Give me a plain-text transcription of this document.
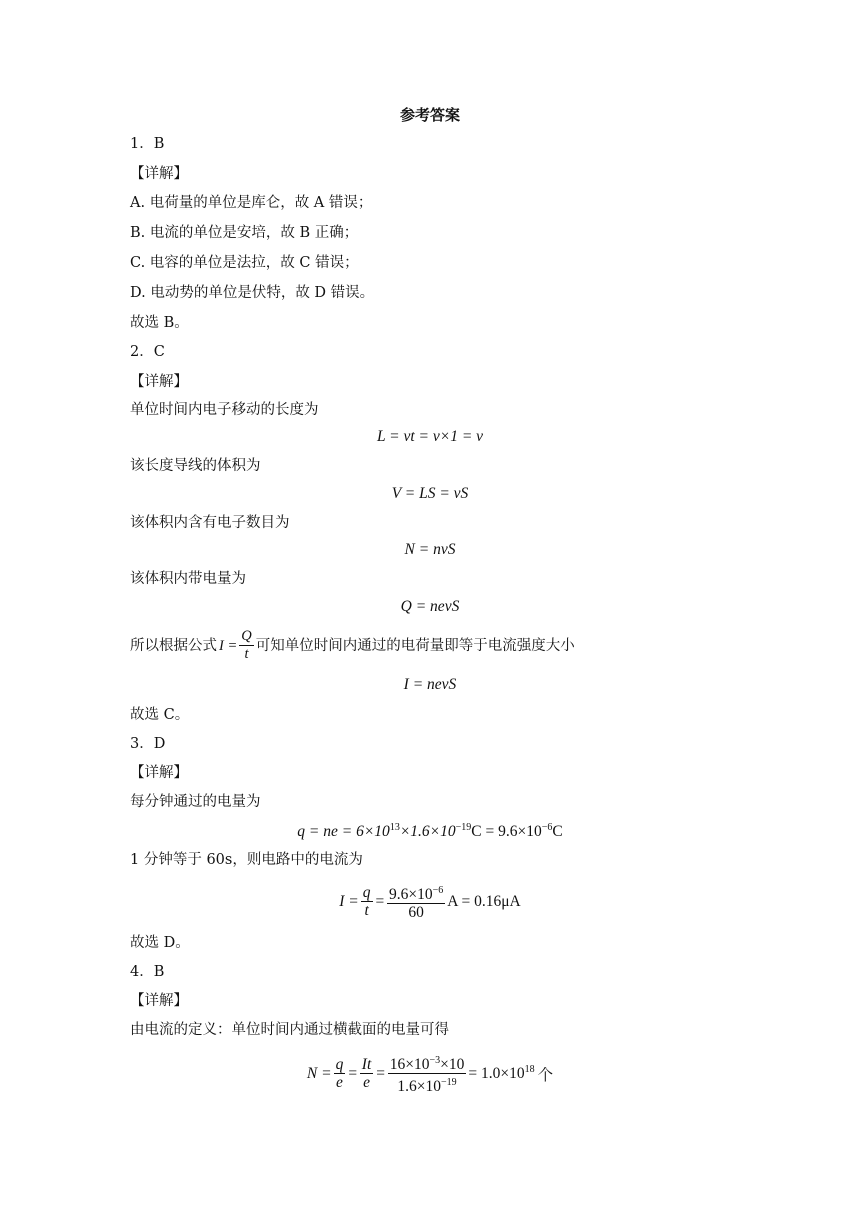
参考答案
1．B
【详解】
A. 电荷量的单位是库仑，故 A 错误；
B. 电流的单位是安培，故 B 正确；
C. 电容的单位是法拉，故 C 错误；
D. 电动势的单位是伏特，故 D 错误。
故选 B。
2．C
【详解】
单位时间内电子移动的长度为
L = vt = v×1 = v
该长度导线的体积为
V = LS = vS
该体积内含有电子数目为
N = nvS
该体积内带电量为
Q = nevS
所以根据公式 $I = \frac{Q}{t}$ 可知单位时间内通过的电荷量即等于电流强度大小
I = nevS
故选 C。
3．D
【详解】
每分钟通过的电量为
q = ne = $6\times 10^{13}\times 1.6\times 10^{-19}C = 9.6\times 10^{-6}C$
1 分钟等于 60s，则电路中的电流为
$I = \frac{q}{t} = \frac{9.6\times 10^{-6}}{60}$ A = 0.16μA
故选 D。
4．B
【详解】
由电流的定义：单位时间内通过横截面的电量可得
$N = \frac{q}{e} = \frac{It}{e} = \frac{16\times 10^{-3}\times 10}{1.6\times 10^{-19}} = 1.0\times 10^{18}$ 个
